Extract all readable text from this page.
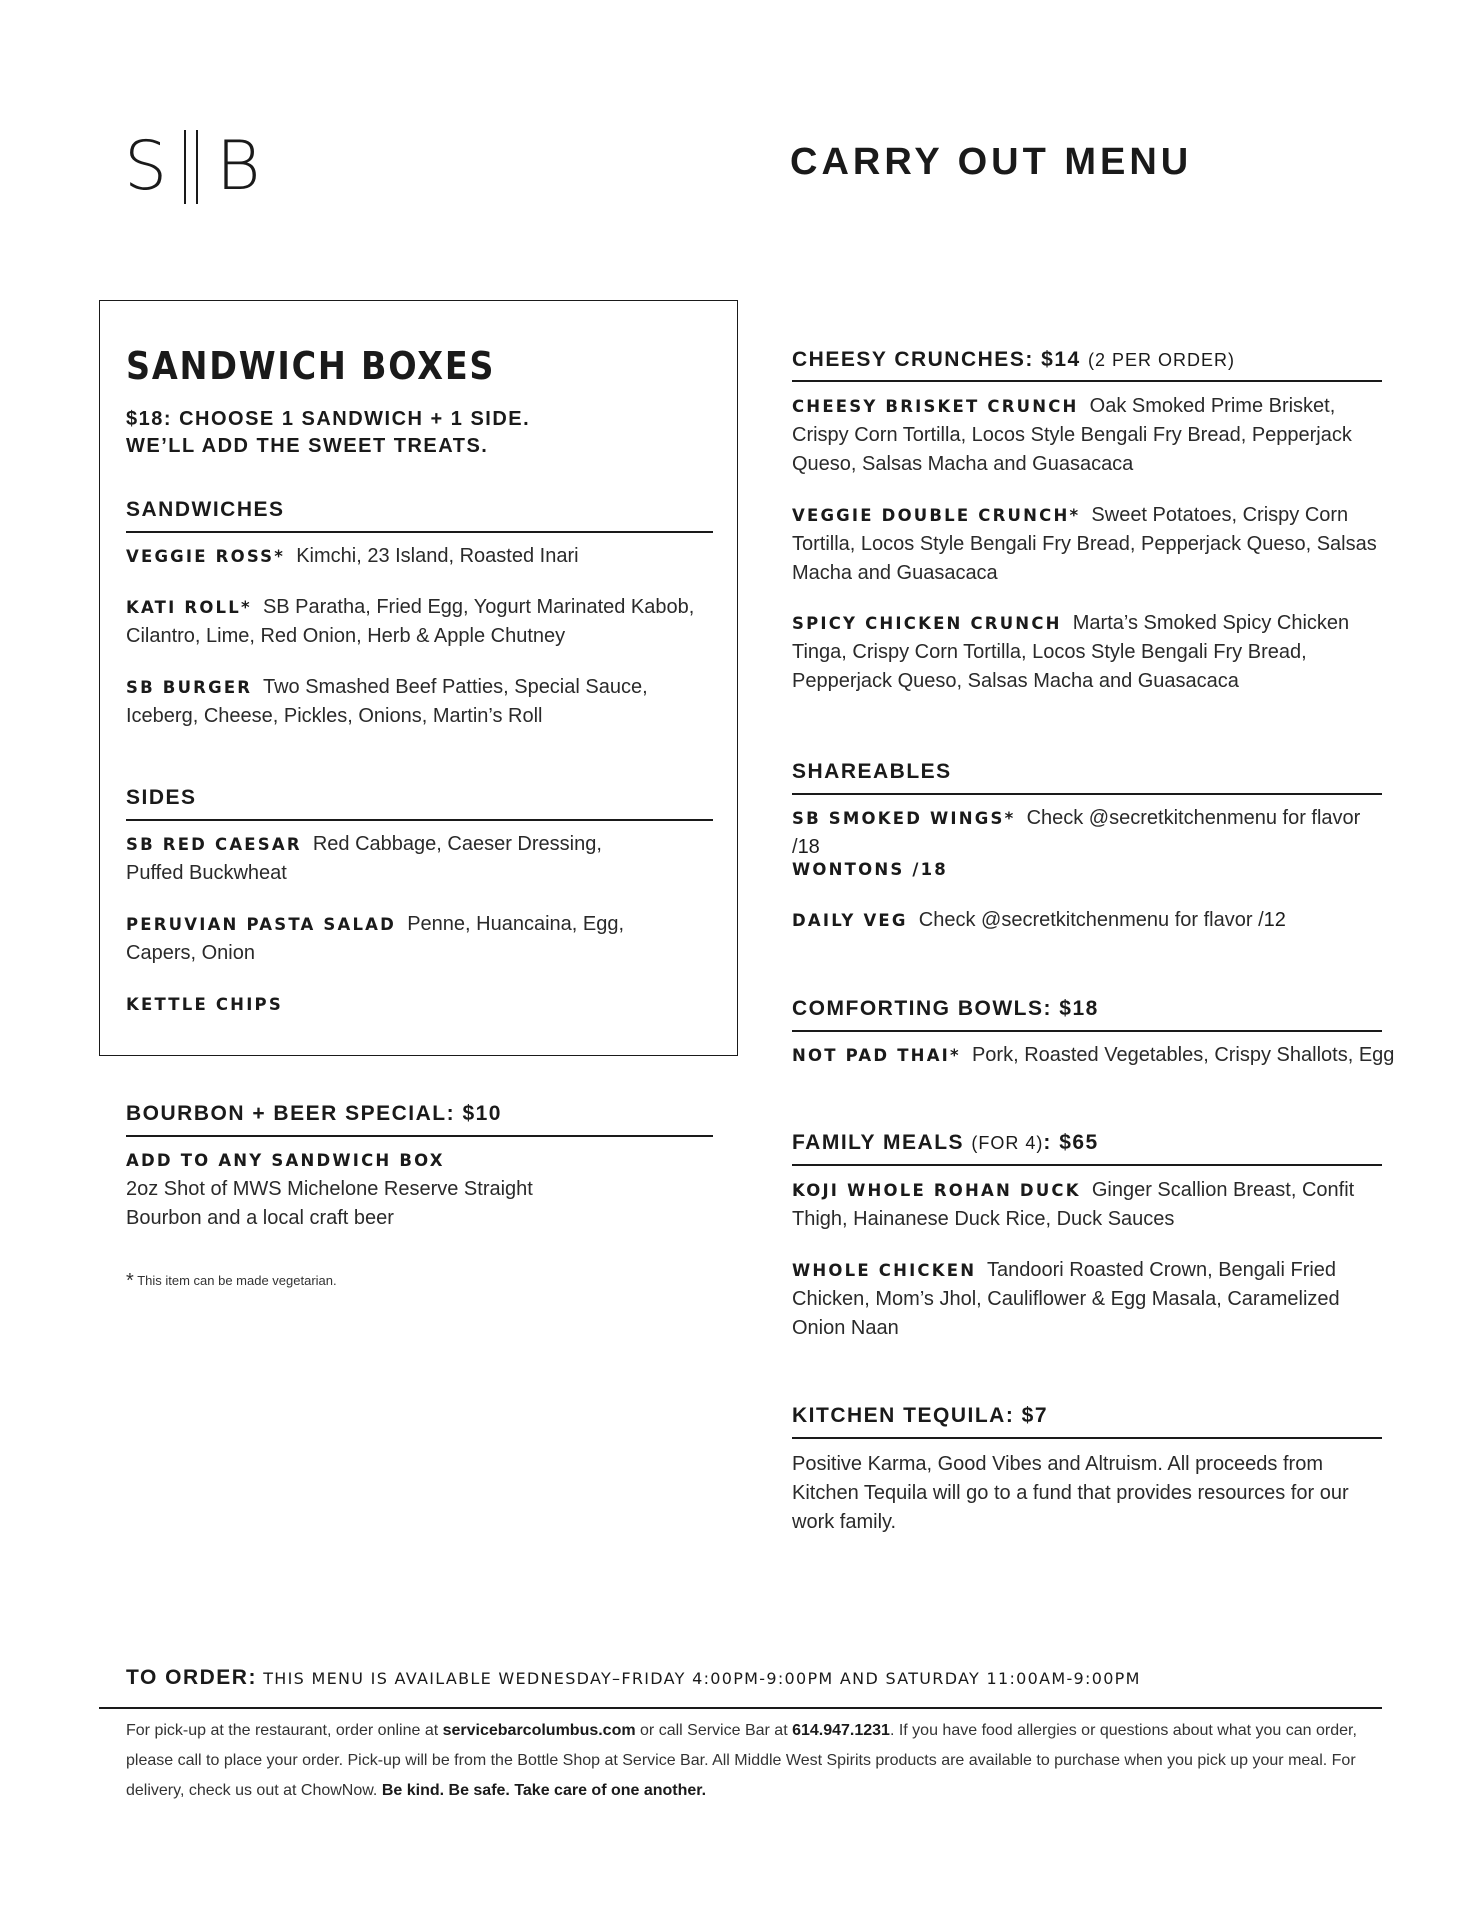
S B	CARRY OUT MENU
SANDWICH BOXES
$18: CHOOSE 1 SANDWICH + 1 SIDE.
WE’LL ADD THE SWEET TREATS.
SANDWICHES
VEGGIE ROSS* Kimchi, 23 Island, Roasted Inari
KATI ROLL* SB Paratha, Fried Egg, Yogurt Marinated Kabob, Cilantro, Lime, Red Onion, Herb & Apple Chutney
SB BURGER Two Smashed Beef Patties, Special Sauce, Iceberg, Cheese, Pickles, Onions, Martin’s Roll
SIDES
SB RED CAESAR Red Cabbage, Caeser Dressing, Puffed Buckwheat
PERUVIAN PASTA SALAD Penne, Huancaina, Egg, Capers, Onion
KETTLE CHIPS
BOURBON + BEER SPECIAL: $10
ADD TO ANY SANDWICH BOX
2oz Shot of MWS Michelone Reserve Straight Bourbon and a local craft beer
* This item can be made vegetarian.
CHEESY CRUNCHES: $14 (2 PER ORDER)
CHEESY BRISKET CRUNCH Oak Smoked Prime Brisket, Crispy Corn Tortilla, Locos Style Bengali Fry Bread, Pepperjack Queso, Salsas Macha and Guasacaca
VEGGIE DOUBLE CRUNCH* Sweet Potatoes, Crispy Corn Tortilla, Locos Style Bengali Fry Bread, Pepperjack Queso, Salsas Macha and Guasacaca
SPICY CHICKEN CRUNCH Marta’s Smoked Spicy Chicken Tinga, Crispy Corn Tortilla, Locos Style Bengali Fry Bread, Pepperjack Queso, Salsas Macha and Guasacaca
SHAREABLES
SB SMOKED WINGS* Check @secretkitchenmenu for flavor /18
WONTONS /18
DAILY VEG Check @secretkitchenmenu for flavor /12
COMFORTING BOWLS: $18
NOT PAD THAI* Pork, Roasted Vegetables, Crispy Shallots, Egg
FAMILY MEALS (FOR 4): $65
KOJI WHOLE ROHAN DUCK Ginger Scallion Breast, Confit Thigh, Hainanese Duck Rice, Duck Sauces
WHOLE CHICKEN Tandoori Roasted Crown, Bengali Fried Chicken, Mom’s Jhol, Cauliflower & Egg Masala, Caramelized Onion Naan
KITCHEN TEQUILA: $7
Positive Karma, Good Vibes and Altruism. All proceeds from Kitchen Tequila will go to a fund that provides resources for our work family.
TO ORDER: THIS MENU IS AVAILABLE WEDNESDAY–FRIDAY 4:00PM-9:00PM AND SATURDAY 11:00AM-9:00PM
For pick-up at the restaurant, order online at servicebarcolumbus.com or call Service Bar at 614.947.1231. If you have food allergies or questions about what you can order, please call to place your order. Pick-up will be from the Bottle Shop at Service Bar. All Middle West Spirits products are available to purchase when you pick up your meal. For delivery, check us out at ChowNow. Be kind. Be safe. Take care of one another.
